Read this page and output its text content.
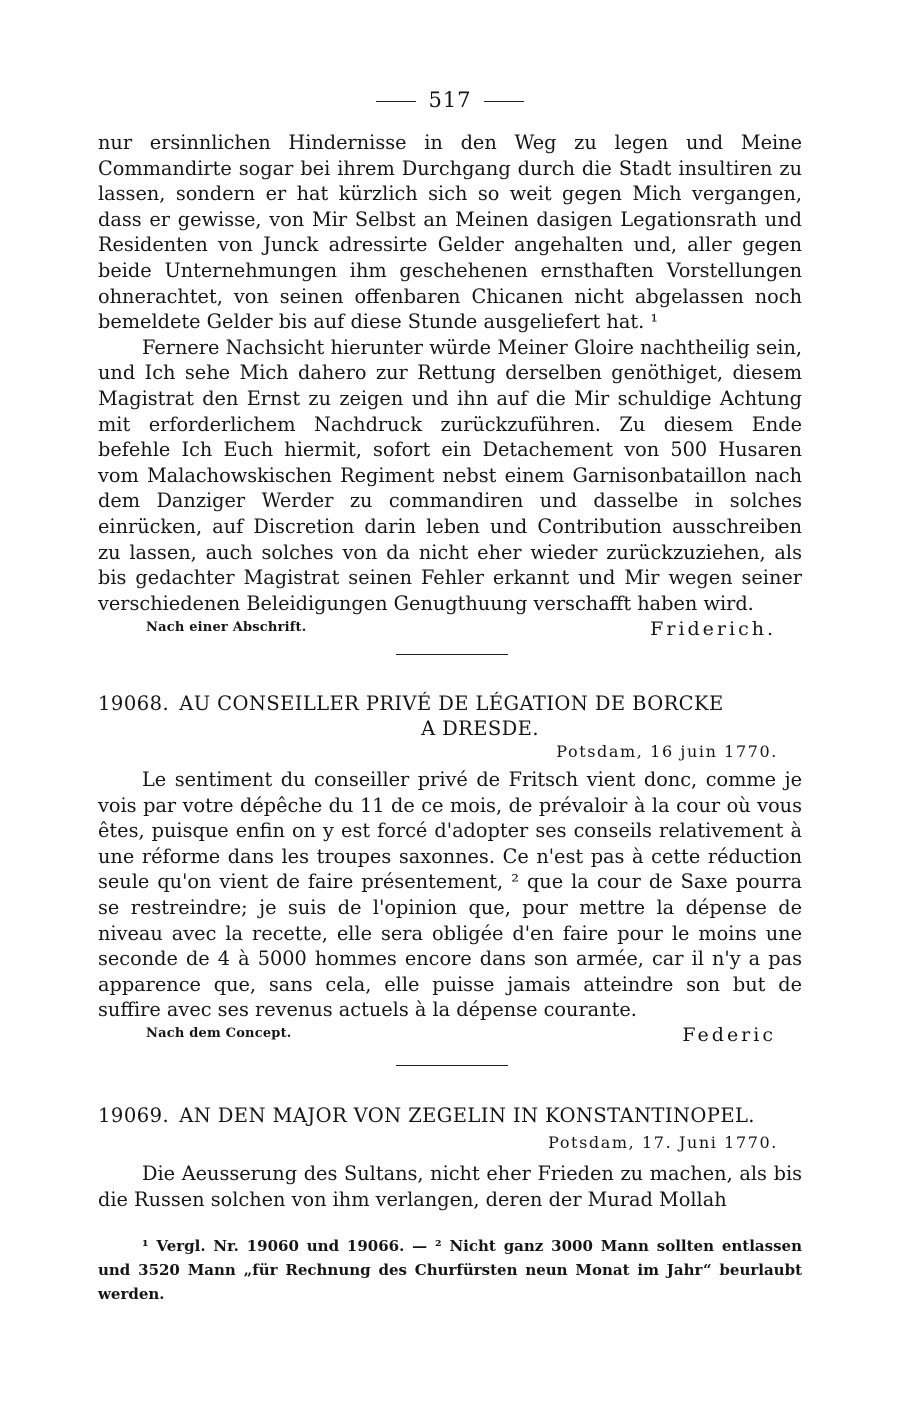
517

nur ersinnlichen Hindernisse in den Weg zu legen und Meine Commandirte sogar bei ihrem Durchgang durch die Stadt insultiren zu lassen, sondern er hat kürzlich sich so weit gegen Mich vergangen, dass er gewisse, von Mir Selbst an Meinen dasigen Legationsrath und Residenten von Junck adressirte Gelder angehalten und, aller gegen beide Unternehmungen ihm geschehenen ernsthaften Vorstellungen ohnerachtet, von seinen offenbaren Chicanen nicht abgelassen noch bemeldete Gelder bis auf diese Stunde ausgeliefert hat. ¹

Fernere Nachsicht hierunter würde Meiner Gloire nachtheilig sein, und Ich sehe Mich dahero zur Rettung derselben genöthiget, diesem Magistrat den Ernst zu zeigen und ihn auf die Mir schuldige Achtung mit erforderlichem Nachdruck zurückzuführen. Zu diesem Ende befehle Ich Euch hiermit, sofort ein Detachement von 500 Husaren vom Malachowskischen Regiment nebst einem Garnisonbataillon nach dem Danziger Werder zu commandiren und dasselbe in solches einrücken, auf Discretion darin leben und Contribution ausschreiben zu lassen, auch solches von da nicht eher wieder zurückzuziehen, als bis gedachter Magistrat seinen Fehler erkannt und Mir wegen seiner verschiedenen Beleidigungen Genugthuung verschafft haben wird.

Nach einer Abschrift.	Friderich.
19068. AU CONSEILLER PRIVÉ DE LÉGATION DE BORCKE
A DRESDE.
Potsdam, 16 juin 1770.

Le sentiment du conseiller privé de Fritsch vient donc, comme je vois par votre dépêche du 11 de ce mois, de prévaloir à la cour où vous êtes, puisque enfin on y est forcé d'adopter ses conseils relativement à une réforme dans les troupes saxonnes. Ce n'est pas à cette réduction seule qu'on vient de faire présentement, ² que la cour de Saxe pourra se restreindre; je suis de l'opinion que, pour mettre la dépense de niveau avec la recette, elle sera obligée d'en faire pour le moins une seconde de 4 à 5000 hommes encore dans son armée, car il n'y a pas apparence que, sans cela, elle puisse jamais atteindre son but de suffire avec ses revenus actuels à la dépense courante.

Nach dem Concept.	Federic
19069. AN DEN MAJOR VON ZEGELIN IN KONSTANTINOPEL.
Potsdam, 17. Juni 1770.

Die Aeusserung des Sultans, nicht eher Frieden zu machen, als bis die Russen solchen von ihm verlangen, deren der Murad Mollah

¹ Vergl. Nr. 19060 und 19066. — ² Nicht ganz 3000 Mann sollten entlassen und 3520 Mann „für Rechnung des Churfürsten neun Monat im Jahr“ beurlaubt werden.
